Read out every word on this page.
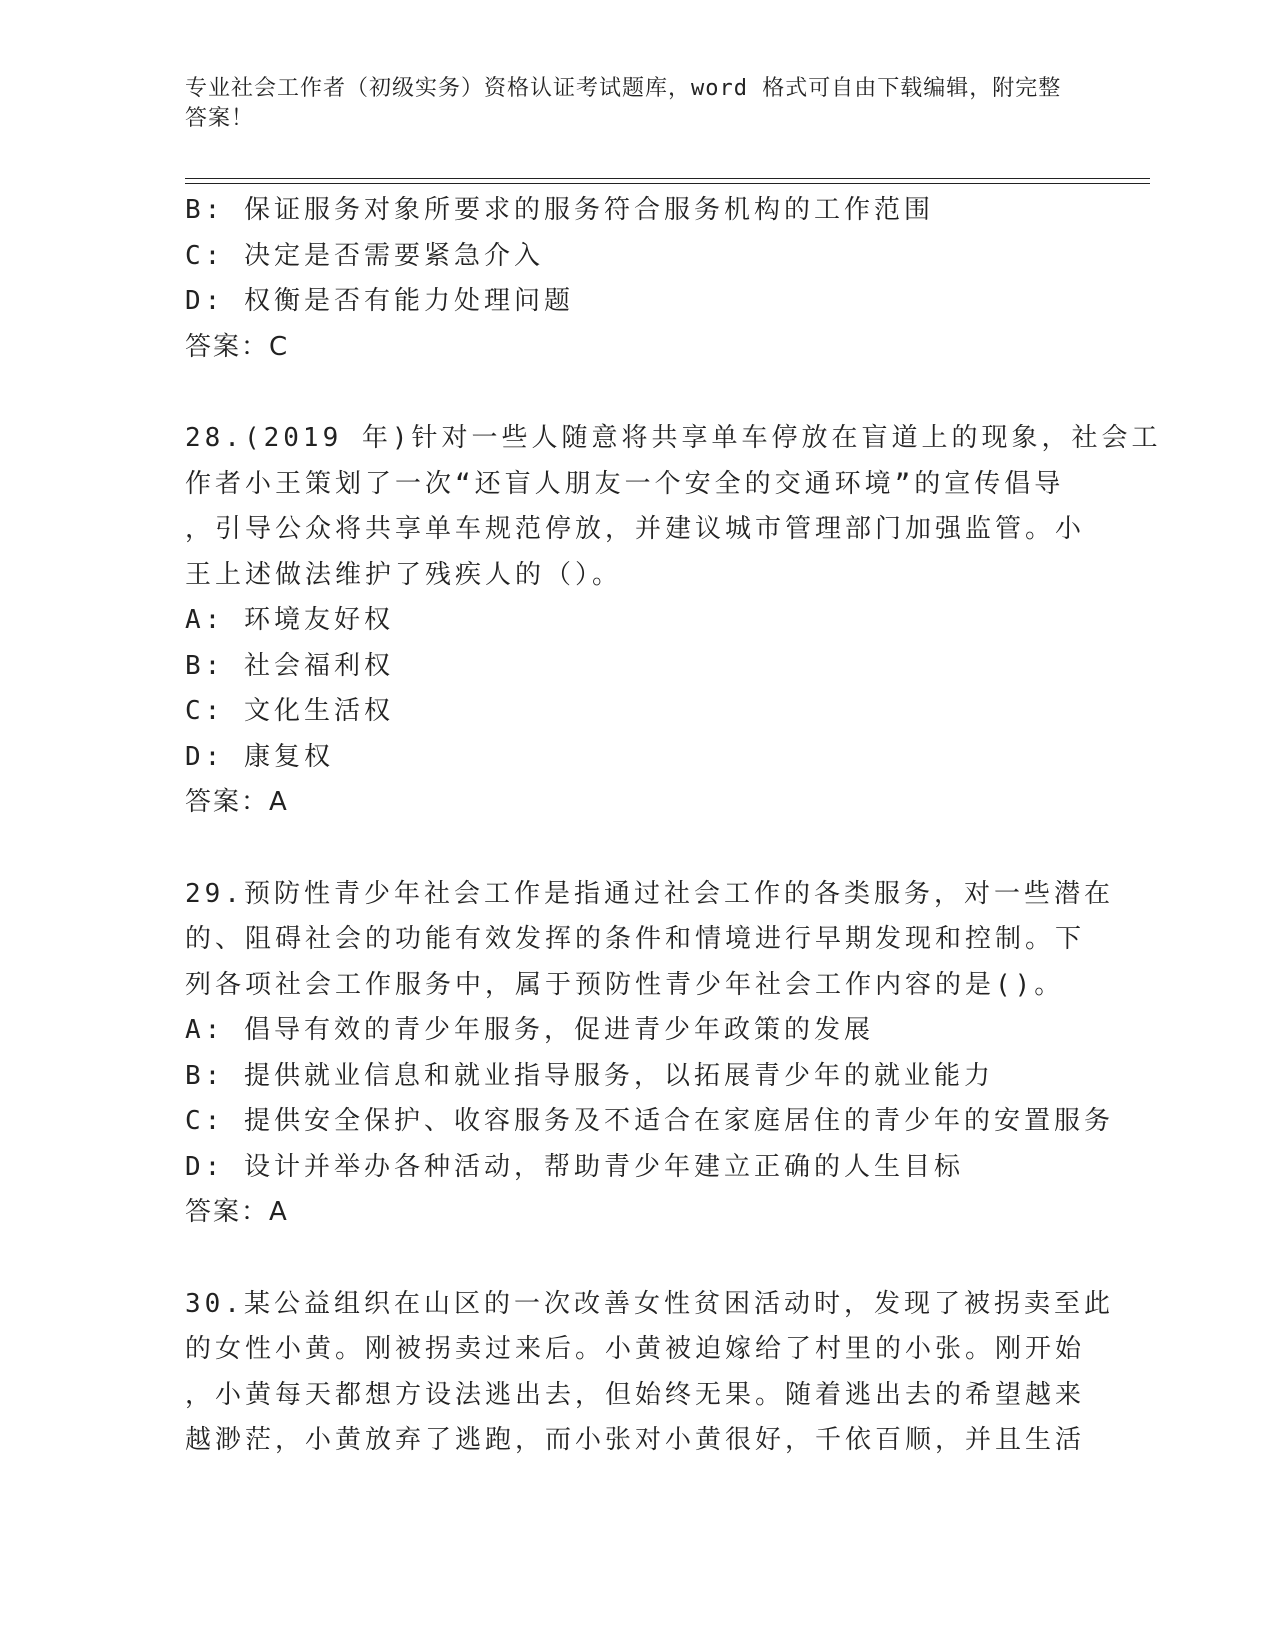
专业社会工作者（初级实务）资格认证考试题库，word 格式可自由下载编辑，附完整答案！
B: 保证服务对象所要求的服务符合服务机构的工作范围
C: 决定是否需要紧急介入
D: 权衡是否有能力处理问题
答案：C
28.(2019 年)针对一些人随意将共享单车停放在盲道上的现象，社会工
作者小王策划了一次“还盲人朋友一个安全的交通环境”的宣传倡导
，引导公众将共享单车规范停放，并建议城市管理部门加强监管。小
王上述做法维护了残疾人的（）。
A: 环境友好权
B: 社会福利权
C: 文化生活权
D: 康复权
答案：A
29.预防性青少年社会工作是指通过社会工作的各类服务，对一些潜在
的、阻碍社会的功能有效发挥的条件和情境进行早期发现和控制。下
列各项社会工作服务中，属于预防性青少年社会工作内容的是()。
A: 倡导有效的青少年服务，促进青少年政策的发展
B: 提供就业信息和就业指导服务，以拓展青少年的就业能力
C: 提供安全保护、收容服务及不适合在家庭居住的青少年的安置服务
D: 设计并举办各种活动，帮助青少年建立正确的人生目标
答案：A
30.某公益组织在山区的一次改善女性贫困活动时，发现了被拐卖至此
的女性小黄。刚被拐卖过来后。小黄被迫嫁给了村里的小张。刚开始
，小黄每天都想方设法逃出去，但始终无果。随着逃出去的希望越来
越渺茫，小黄放弃了逃跑，而小张对小黄很好，千依百顺，并且生活
